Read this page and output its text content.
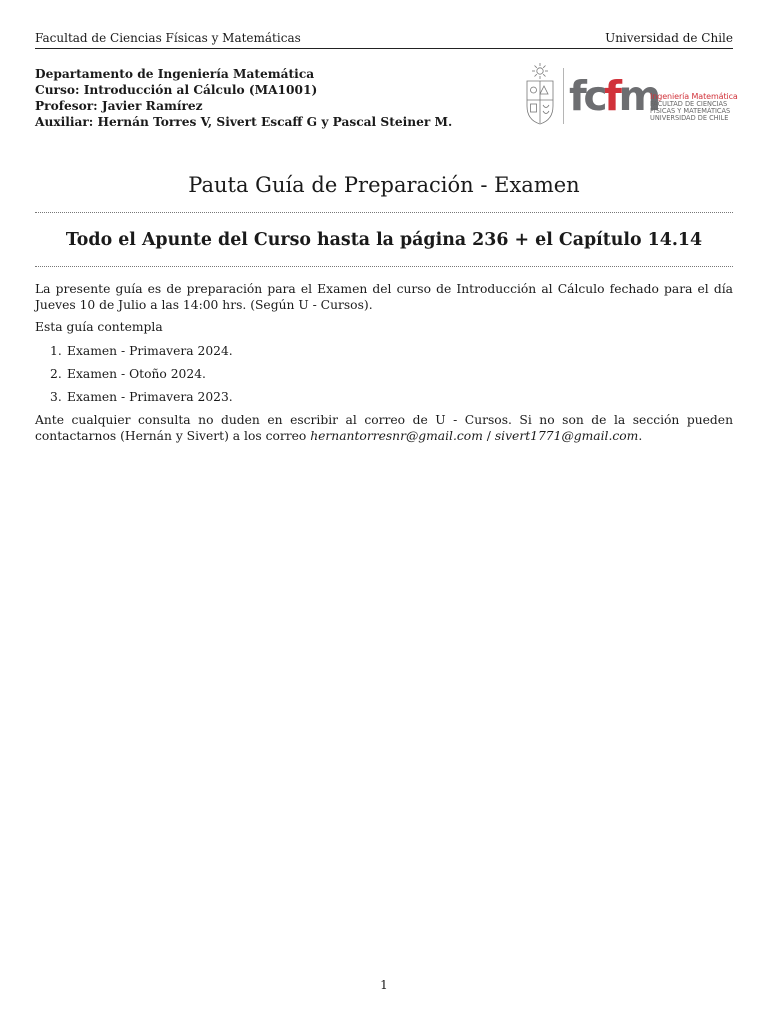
Facultad de Ciencias Físicas y Matemáticas	Universidad de Chile
Departamento de Ingeniería Matemática
Curso: Introducción al Cálculo (MA1001)
Profesor: Javier Ramírez
Auxiliar: Hernán Torres V, Sivert Escaff G y Pascal Steiner M.
fcfm
Ingeniería Matemática
FACULTAD DE CIENCIAS
FÍSICAS Y MATEMÁTICAS
UNIVERSIDAD DE CHILE
Pauta Guía de Preparación - Examen
Todo el Apunte del Curso hasta la página 236 + el Capítulo 14.14
La presente guía es de preparación para el Examen del curso de Introducción al Cálculo fechado para el día Jueves 10 de Julio a las 14:00 hrs. (Según U - Cursos).
Esta guía contempla
1. Examen - Primavera 2024.
2. Examen - Otoño 2024.
3. Examen - Primavera 2023.
Ante cualquier consulta no duden en escribir al correo de U - Cursos. Si no son de la sección pueden contactarnos (Hernán y Sivert) a los correo hernantorresnr@gmail.com / sivert1771@gmail.com.
1
